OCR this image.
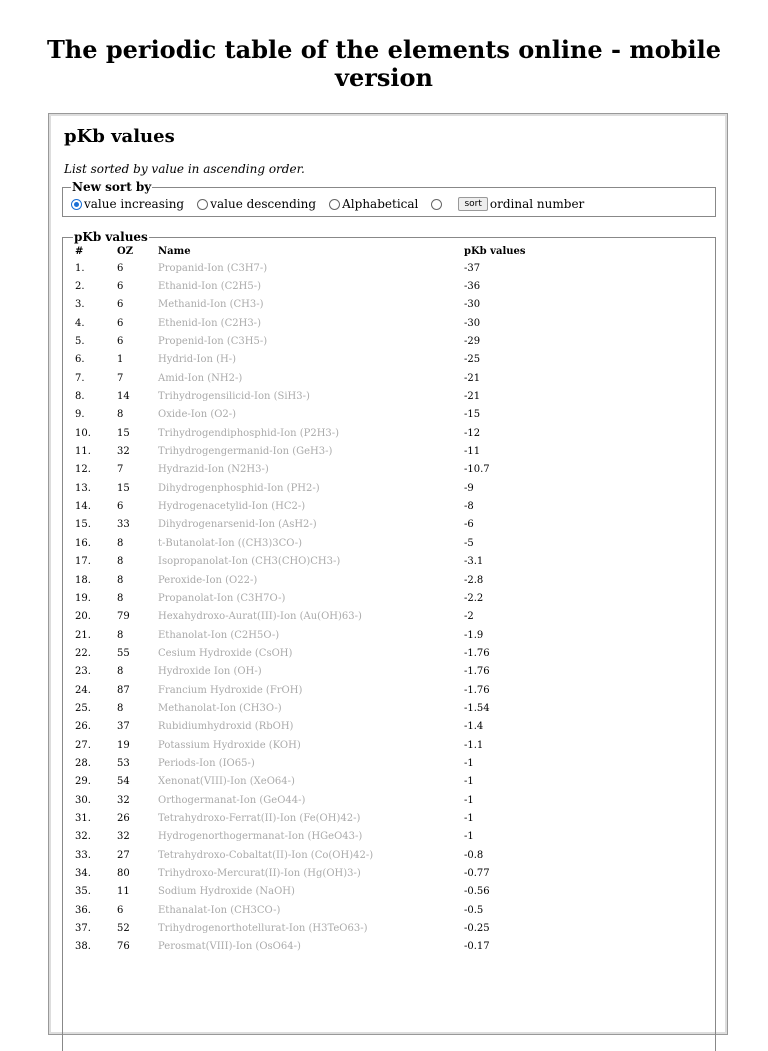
The periodic table of the elements online - mobile version
pKb values
List sorted by value in ascending order.
New sort by
value increasing
value descending
Alphabetical
	sort ordinal number
pKb values
#	OZ	Name	pKb values
1.	6	Propanid-Ion (C3H7-)	-37
2.	6	Ethanid-Ion (C2H5-)	-36
3.	6	Methanid-Ion (CH3-)	-30
4.	6	Ethenid-Ion (C2H3-)	-30
5.	6	Propenid-Ion (C3H5-)	-29
6.	1	Hydrid-Ion (H-)	-25
7.	7	Amid-Ion (NH2-)	-21
8.	14	Trihydrogensilicid-Ion (SiH3-)	-21
9.	8	Oxide-Ion (O2-)	-15
10.	15	Trihydrogendiphosphid-Ion (P2H3-)	-12
11.	32	Trihydrogengermanid-Ion (GeH3-)	-11
12.	7	Hydrazid-Ion (N2H3-)	-10.7
13.	15	Dihydrogenphosphid-Ion (PH2-)	-9
14.	6	Hydrogenacetylid-Ion (HC2-)	-8
15.	33	Dihydrogenarsenid-Ion (AsH2-)	-6
16.	8	t-Butanolat-Ion ((CH3)3CO-)	-5
17.	8	Isopropanolat-Ion (CH3(CHO)CH3-)	-3.1
18.	8	Peroxide-Ion (O22-)	-2.8
19.	8	Propanolat-Ion (C3H7O-)	-2.2
20.	79	Hexahydroxo-Aurat(III)-Ion (Au(OH)63-)	-2
21.	8	Ethanolat-Ion (C2H5O-)	-1.9
22.	55	Cesium Hydroxide (CsOH)	-1.76
23.	8	Hydroxide Ion (OH-)	-1.76
24.	87	Francium Hydroxide (FrOH)	-1.76
25.	8	Methanolat-Ion (CH3O-)	-1.54
26.	37	Rubidiumhydroxid (RbOH)	-1.4
27.	19	Potassium Hydroxide (KOH)	-1.1
28.	53	Periods-Ion (IO65-)	-1
29.	54	Xenonat(VIII)-Ion (XeO64-)	-1
30.	32	Orthogermanat-Ion (GeO44-)	-1
31.	26	Tetrahydroxo-Ferrat(II)-Ion (Fe(OH)42-)	-1
32.	32	Hydrogenorthogermanat-Ion (HGeO43-)	-1
33.	27	Tetrahydroxo-Cobaltat(II)-Ion (Co(OH)42-)	-0.8
34.	80	Trihydroxo-Mercurat(II)-Ion (Hg(OH)3-)	-0.77
35.	11	Sodium Hydroxide (NaOH)	-0.56
36.	6	Ethanalat-Ion (CH3CO-)	-0.5
37.	52	Trihydrogenorthotellurat-Ion (H3TeO63-)	-0.25
38.	76	Perosmat(VIII)-Ion (OsO64-)	-0.17
